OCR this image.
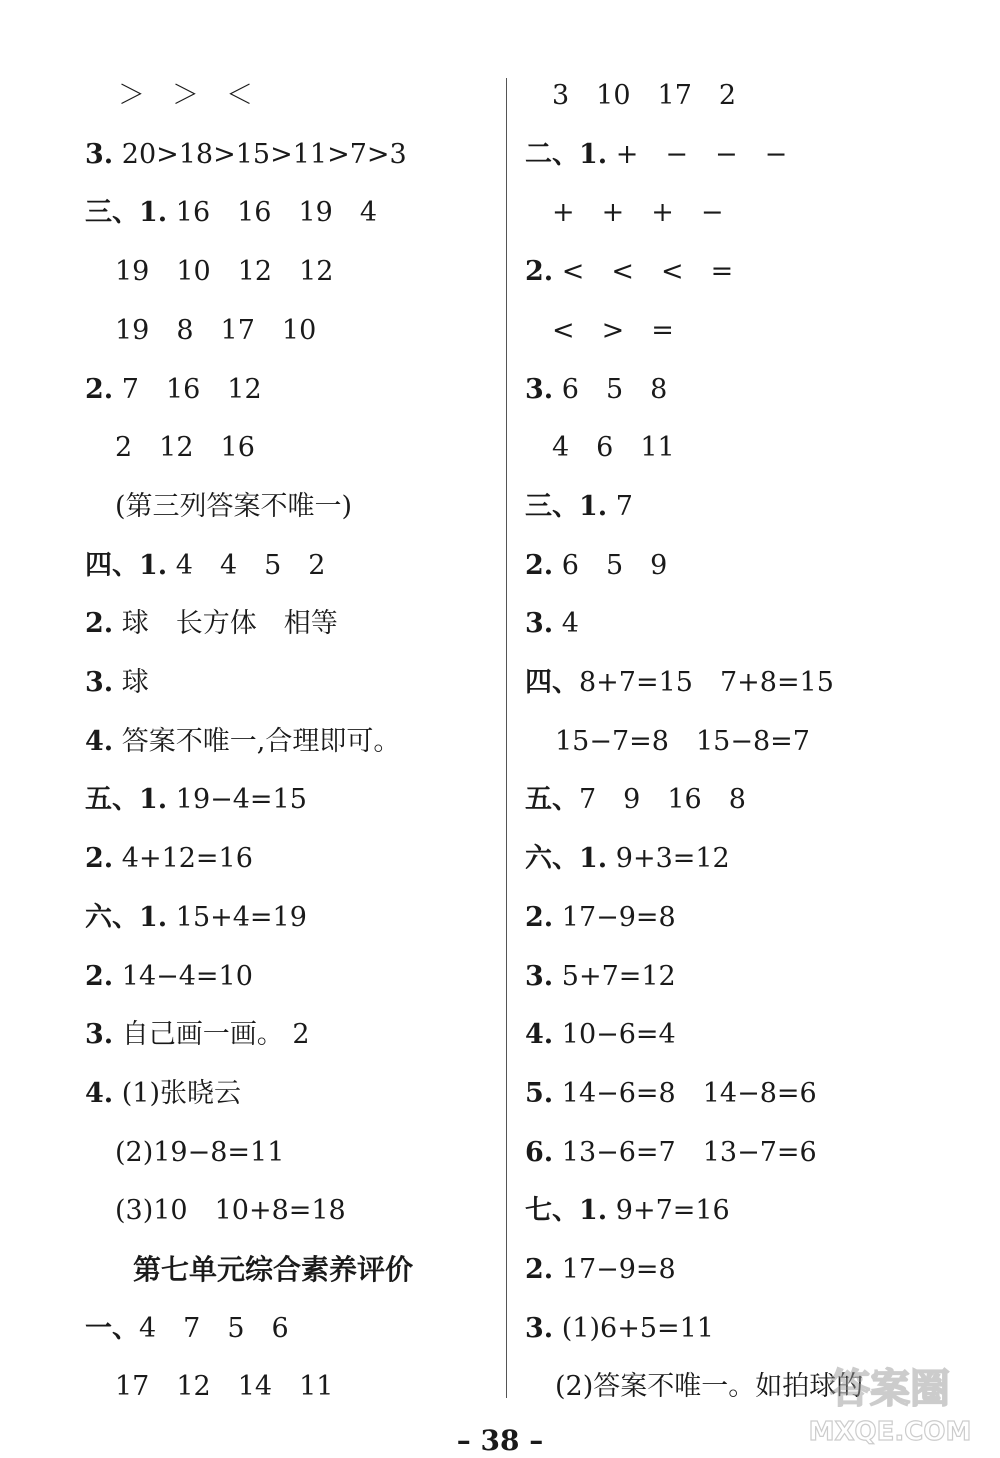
＞　＞　＜
3. 20>18>15>11>7>3
三、1. 16　16　19　4
19　10　12　12
19　8　17　10
2. 7　16　12
2　12　16
(第三列答案不唯一)
四、1. 4　4　5　2
2. 球　长方体　相等
3. 球
4. 答案不唯一,合理即可。
五、1. 19−4=15
2. 4+12=16
六、1. 15+4=19
2. 14−4=10
3. 自己画一画。 2
4. (1)张晓云
(2)19−8=11
(3)10　10+8=18
第七单元综合素养评价
一、4　7　5　6
17　12　14　11
3　10　17　2
二、1. +　−　−　−
+　+　+　−
2. <　<　<　=
<　>　=
3. 6　5　8
4　6　11
三、1. 7
2. 6　5　9
3. 4
四、8+7=15　7+8=15
15−7=8　15−8=7
五、7　9　16　8
六、1. 9+3=12
2. 17−9=8
3. 5+7=12
4. 10−6=4
5. 14−6=8　14−8=6
6. 13−6=7　13−7=6
七、1. 9+7=16
2. 17−9=8
3. (1)6+5=11
(2)答案不唯一。如拍球的
– 38 –
答案圈
MXQE.COM
